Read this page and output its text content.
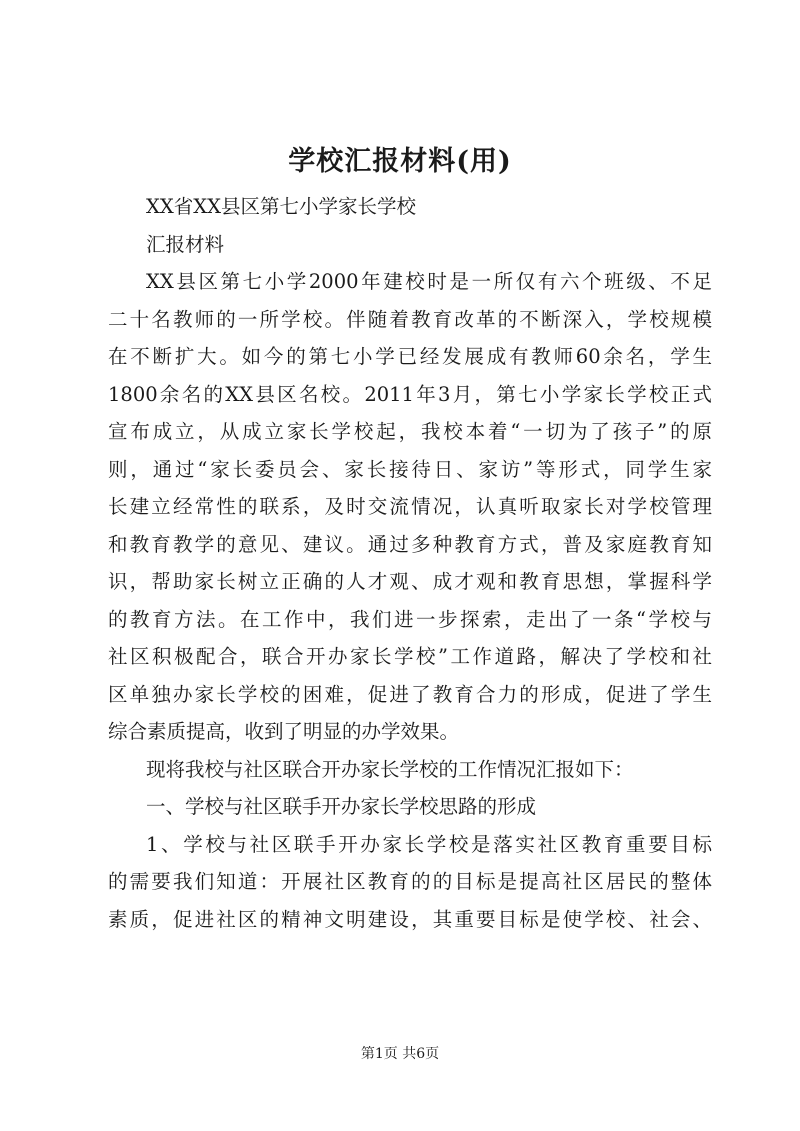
学校汇报材料(用)
XX省XX县区第七小学家长学校
汇报材料
XX县区第七小学2000年建校时是一所仅有六个班级、不足
二十名教师的一所学校。伴随着教育改革的不断深入，学校规模
在不断扩大。如今的第七小学已经发展成有教师60余名，学生
1800余名的XX县区名校。2011年3月，第七小学家长学校正式
宣布成立，从成立家长学校起，我校本着“一切为了孩子”的原
则，通过“家长委员会、家长接待日、家访”等形式，同学生家
长建立经常性的联系，及时交流情况，认真听取家长对学校管理
和教育教学的意见、建议。通过多种教育方式，普及家庭教育知
识，帮助家长树立正确的人才观、成才观和教育思想，掌握科学
的教育方法。在工作中，我们进一步探索，走出了一条“学校与
社区积极配合，联合开办家长学校”工作道路，解决了学校和社
区单独办家长学校的困难，促进了教育合力的形成，促进了学生
综合素质提高，收到了明显的办学效果。
现将我校与社区联合开办家长学校的工作情况汇报如下：
一、学校与社区联手开办家长学校思路的形成
1、学校与社区联手开办家长学校是落实社区教育重要目标
的需要我们知道：开展社区教育的的目标是提高社区居民的整体
素质，促进社区的精神文明建设，其重要目标是使学校、社会、
第1页 共6页
